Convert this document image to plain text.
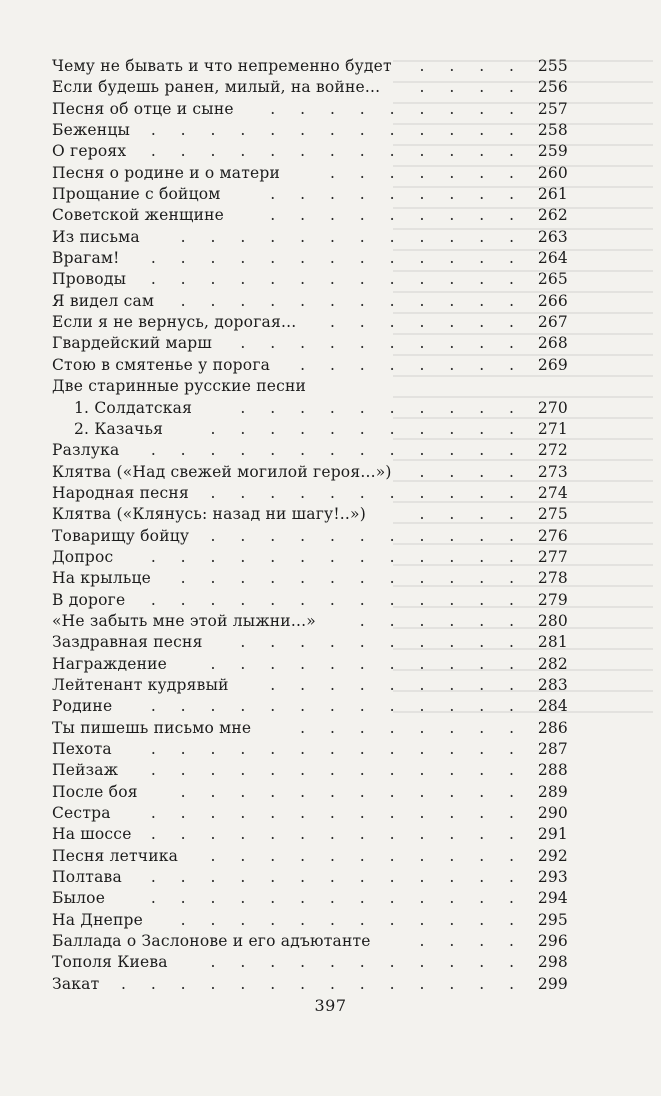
Чему не бывать и что непременно будет	. . . . 255
Если будешь ранен, милый, на войне...	. . . . 256
Песня об отце и сыне	. . . . . . . . . 257
Беженцы	. . . . . . . . . . . . . 258
О героях	. . . . . . . . . . . . . 259
Песня о родине и о матери	. . . . . . . 260
Прощание с бойцом	. . . . . . . . . 261
Советской женщине	. . . . . . . . . 262
Из письма	. . . . . . . . . . . . 263
Врагам!	. . . . . . . . . . . . . 264
Проводы	. . . . . . . . . . . . . 265
Я видел сам	. . . . . . . . . . . . 266
Если я не вернусь, дорогая...	. . . . . . . 267
Гвардейский марш	. . . . . . . . . . 268
Стою в смятенье у порога	. . . . . . . . 269
Две старинные русские песни
1. Солдатская	. . . . . . . . . . 270
2. Казачья	. . . . . . . . . . . 271
Разлука	. . . . . . . . . . . . . 272
Клятва («Над свежей могилой героя...»)	. . . . 273
Народная песня	. . . . . . . . . . . 274
Клятва («Клянусь: назад ни шагу!..»)	. . . . 275
Товарищу бойцу	. . . . . . . . . . . 276
Допрос	. . . . . . . . . . . . . 277
На крыльце	. . . . . . . . . . . . 278
В дороге	. . . . . . . . . . . . . 279
«Не забыть мне этой лыжни...»	. . . . . . 280
Заздравная песня	. . . . . . . . . . 281
Награждение	. . . . . . . . . . . 282
Лейтенант кудрявый	. . . . . . . . . 283
Родине	. . . . . . . . . . . . . 284
Ты пишешь письмо мне	. . . . . . . . 286
Пехота	. . . . . . . . . . . . . 287
Пейзаж	. . . . . . . . . . . . . 288
После боя	. . . . . . . . . . . . 289
Сестра	. . . . . . . . . . . . . 290
На шоссе	. . . . . . . . . . . . . 291
Песня летчика	. . . . . . . . . . . 292
Полтава	. . . . . . . . . . . . . 293
Былое	. . . . . . . . . . . . . 294
На Днепре	. . . . . . . . . . . . 295
Баллада о Заслонове и его адъютанте	. . . . 296
Тополя Киева	. . . . . . . . . . . 298
Закат	. . . . . . . . . . . . . . 299
397
